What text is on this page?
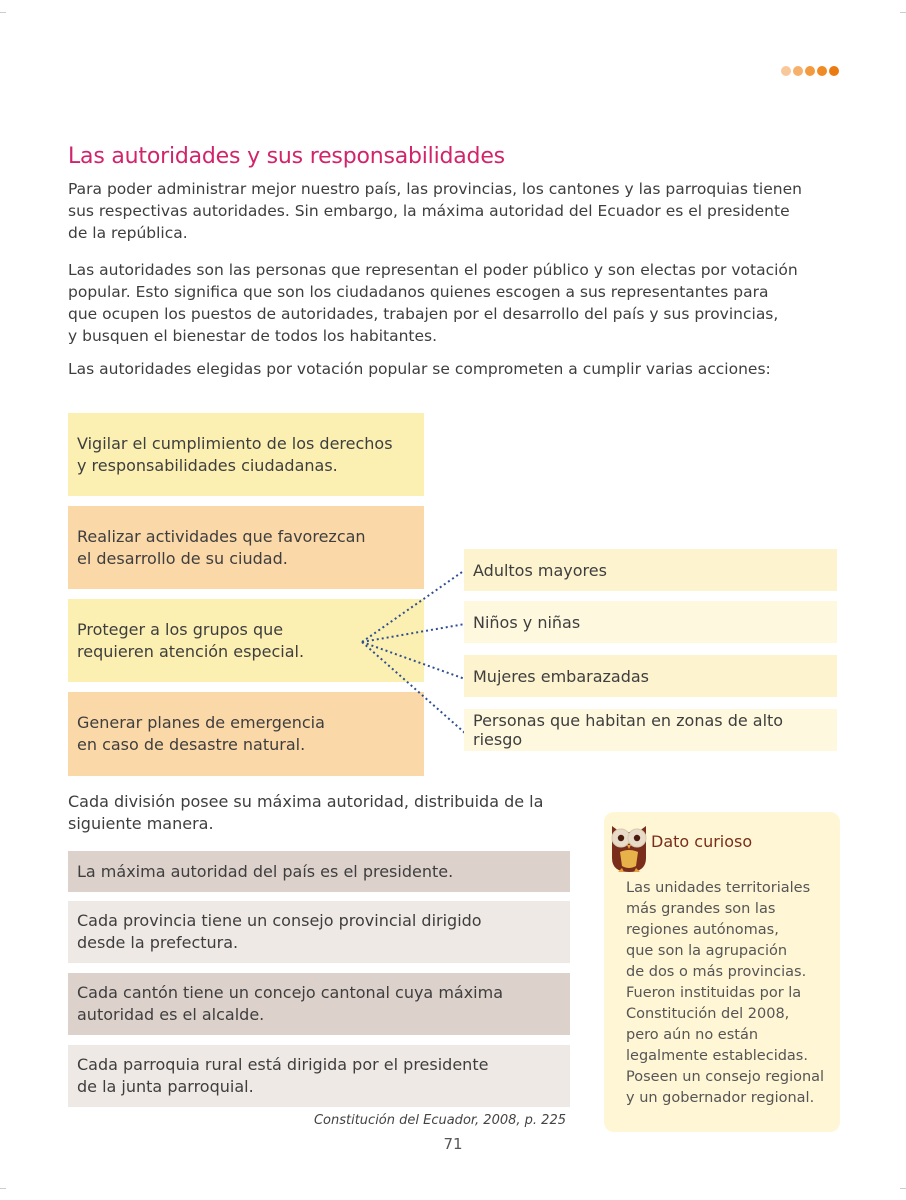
Las autoridades y sus responsabilidades
Para poder administrar mejor nuestro país, las provincias, los cantones y las parroquias tienen
sus respectivas autoridades. Sin embargo, la máxima autoridad del Ecuador es el presidente
de la república.
Las autoridades son las personas que representan el poder público y son electas por votación
popular. Esto significa que son los ciudadanos quienes escogen a sus representantes para
que ocupen los puestos de autoridades, trabajen por el desarrollo del país y sus provincias,
y busquen el bienestar de todos los habitantes.
Las autoridades elegidas por votación popular se comprometen a cumplir varias acciones:
Vigilar el cumplimiento de los derechos
y responsabilidades ciudadanas.
Realizar actividades que favorezcan
el desarrollo de su ciudad.
Proteger a los grupos que
requieren atención especial.
Generar planes de emergencia
en caso de desastre natural.
Adultos mayores
Niños y niñas
Mujeres embarazadas
Personas que habitan en zonas de alto riesgo
Cada división posee su máxima autoridad, distribuida de la
siguiente manera.
La máxima autoridad del país es el presidente.
Cada provincia tiene un consejo provincial dirigido
desde la prefectura.
Cada cantón tiene un concejo cantonal cuya máxima
autoridad es el alcalde.
Cada parroquia rural está dirigida por el presidente
de la junta parroquial.
Constitución del Ecuador, 2008, p. 225
71
Dato curioso
Las unidades territoriales
más grandes son las
regiones autónomas,
que son la agrupación
de dos o más provincias.
Fueron instituidas por la
Constitución del 2008,
pero aún no están
legalmente establecidas.
Poseen un consejo regional
y un gobernador regional.
